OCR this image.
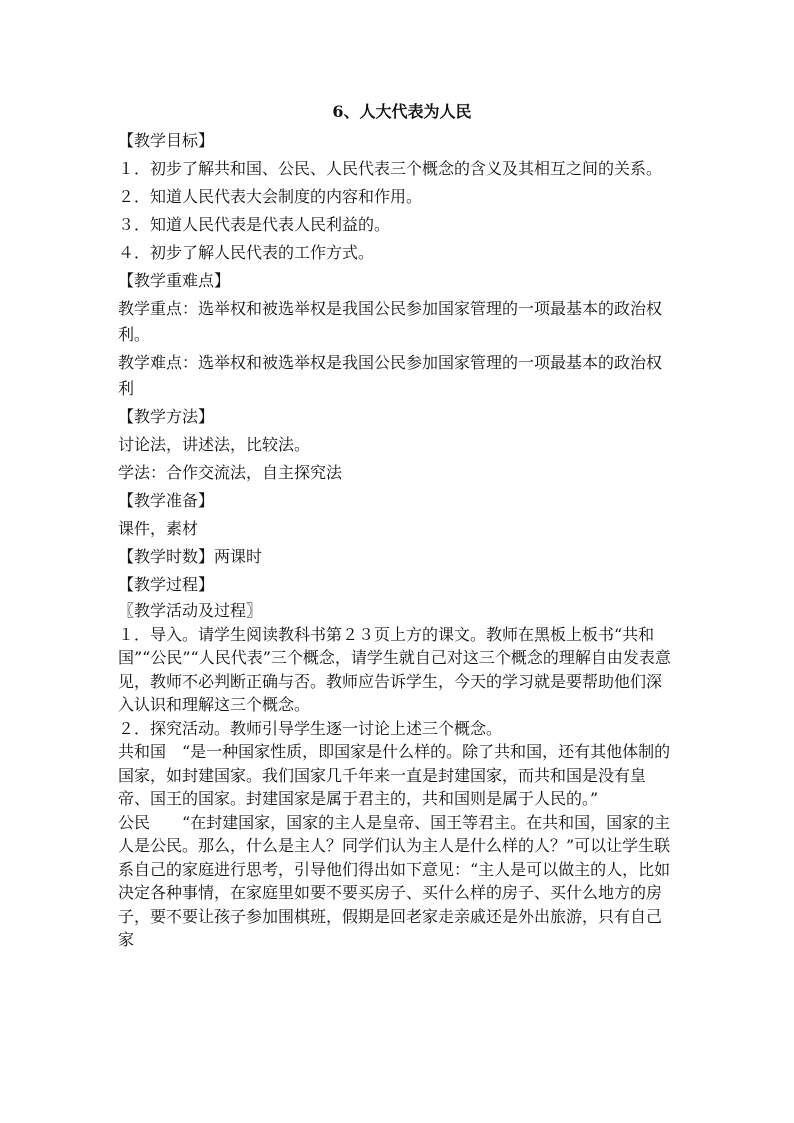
6、人大代表为人民

【教学目标】

１．初步了解共和国、公民、人民代表三个概念的含义及其相互之间的关系。

２．知道人民代表大会制度的内容和作用。

３．知道人民代表是代表人民利益的。

４．初步了解人民代表的工作方式。

【教学重难点】

教学重点：选举权和被选举权是我国公民参加国家管理的一项最基本的政治权利。

教学难点：选举权和被选举权是我国公民参加国家管理的一项最基本的政治权利

【教学方法】

讨论法，讲述法，比较法。

学法：合作交流法，自主探究法

【教学准备】

课件，素材

【教学时数】两课时

【教学过程】

〖教学活动及过程〗

１．导入。请学生阅读教科书第２３页上方的课文。教师在黑板上板书“共和国”“公民”“人民代表”三个概念，请学生就自己对这三个概念的理解自由发表意见，教师不必判断正确与否。教师应告诉学生，今天的学习就是要帮助他们深入认识和理解这三个概念。

２．探究活动。教师引导学生逐一讨论上述三个概念。

共和国　“是一种国家性质，即国家是什么样的。除了共和国，还有其他体制的国家，如封建国家。我们国家几千年来一直是封建国家，而共和国是没有皇帝、国王的国家。封建国家是属于君主的，共和国则是属于人民的。”

公民　　“在封建国家，国家的主人是皇帝、国王等君主。在共和国，国家的主人是公民。那么，什么是主人？同学们认为主人是什么样的人？”可以让学生联系自己的家庭进行思考，引导他们得出如下意见：“主人是可以做主的人，比如决定各种事情，在家庭里如要不要买房子、买什么样的房子、买什么地方的房子，要不要让孩子参加围棋班，假期是回老家走亲戚还是外出旅游，只有自己家
